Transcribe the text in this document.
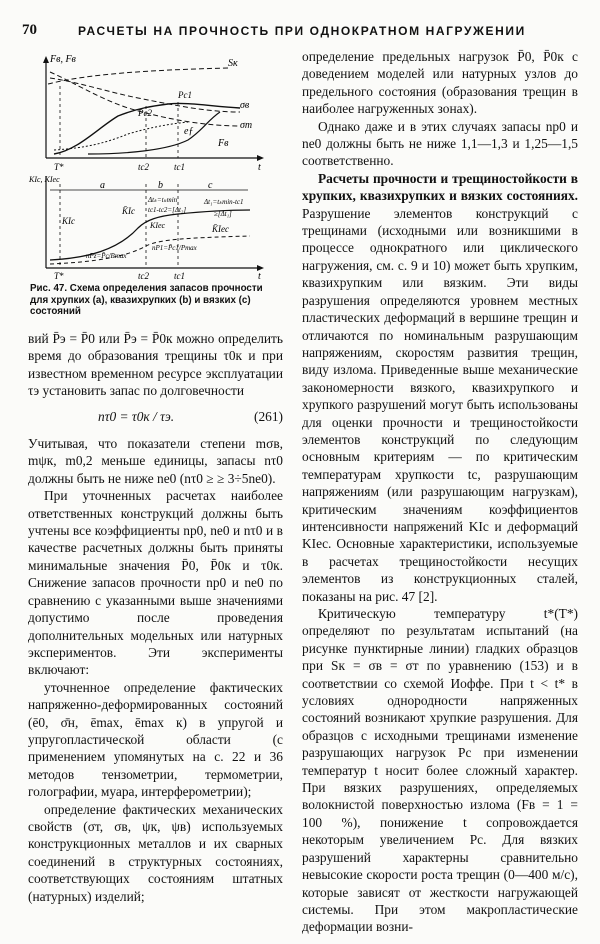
70	РАСЧЕТЫ НА ПРОЧНОСТЬ ПРИ ОДНОКРАТНОМ НАГРУЖЕНИИ
Fв, Fв	Sк
σв
σт
Fв
eƒ
Pc1
Pc2
T*	tc2	tc1	t
KIc, KIec
a	b	c
KIc
K̄Ic
Δtₖ=tₖmin
tc1-tc2=[Δt₂]
Δt₁=tₖmin-tc1
≥[Δt₁]
KIec	K̄Iec
nPz=P̄c/Pmax
nP1=P̄c1/Pmax
T*	tc2	tc1	t
Рис. 47. Схема определения запасов прочности для хрупких (a), квазихрупких (b) и вязких (c) состояний

вий P̄э = P̄0 или P̄э = P̄0к можно определить время до образования трещины τ0к и при известном временном ресурсе эксплуатации τэ установить запас по долговечности

nτ0 = τ0к / τэ.	(261)

Учитывая, что показатели степени mσв, mψк, m0,2 меньше единицы, запасы nτ0 должны быть не ниже nе0 (nτ0 ≥ ≥ 3÷5nе0).

При уточненных расчетах наиболее ответственных конструкций должны быть учтены все коэффициенты np0, nе0 и nτ0 и в качестве расчетных должны быть приняты минимальные значения P̄0, P̄0к и τ0к. Снижение запасов прочности np0 и nе0 по сравнению с указанными выше значениями допустимо после проведения дополнительных модельных или натурных экспериментов. Эти эксперименты включают:

уточненное определение фактических напряженно-деформированных состояний (ē0, σ̄н, ēmax, ēmax к) в упругой и упругопластической области (с применением упомянутых на с. 22 и 36 методов тензометрии, термометрии, голографии, муара, интерферометрии);

определение фактических механических свойств (σт, σв, ψк, ψв) используемых конструкционных металлов и их сварных соединений в структурных состояниях, соответствующих состояниям штатных (натурных) изделий;

определение предельных нагрузок P̄0, P̄0к с доведением моделей или натурных узлов до предельного состояния (образования трещин в наиболее нагруженных зонах).

Однако даже и в этих случаях запасы np0 и nе0 должны быть не ниже 1,1—1,3 и 1,25—1,5 соответственно.

Расчеты прочности и трещиностойкости в хрупких, квазихрупких и вязких состояниях. Разрушение элементов конструкций с трещинами (исходными или возникшими в процессе однократного или циклического нагружения, см. с. 9 и 10) может быть хрупким, квазихрупким или вязким. Эти виды разрушения определяются уровнем местных пластических деформаций в вершине трещин и отличаются по номинальным разрушающим напряжениям, скоростям развития трещин, виду излома. Приведенные выше механические закономерности вязкого, квазихрупкого и хрупкого разрушений могут быть использованы для оценки прочности и трещиностойкости элементов конструкций по следующим основным критериям — по критическим температурам хрупкости tc, разрушающим напряжениям (или разрушающим нагрузкам), критическим значениям коэффициентов интенсивности напряжений KIc и деформаций KIec. Основные характеристики, используемые в расчетах трещиностойкости несущих элементов из конструкционных сталей, показаны на рис. 47 [2].

Критическую температуру t*(T*) определяют по результатам испытаний (на рисунке пунктирные линии) гладких образцов при Sк = σв = σт по уравнению (153) и в соответствии со схемой Иоффе. При t < t* в условиях однородности напряженных состояний возникают хрупкие разрушения. Для образцов с исходными трещинами изменение разрушающих нагрузок Pc при изменении температур t носит более сложный характер. При вязких разрушениях, определяемых волокнистой поверхностью излома (Fв = 1 = 100 %), понижение t сопровождается некоторым увеличением Pc. Для вязких разрушений характерны сравнительно невысокие скорости роста трещин (0—400 м/с), которые зависят от жесткости нагружающей системы. При этом макропластические деформации возни-
